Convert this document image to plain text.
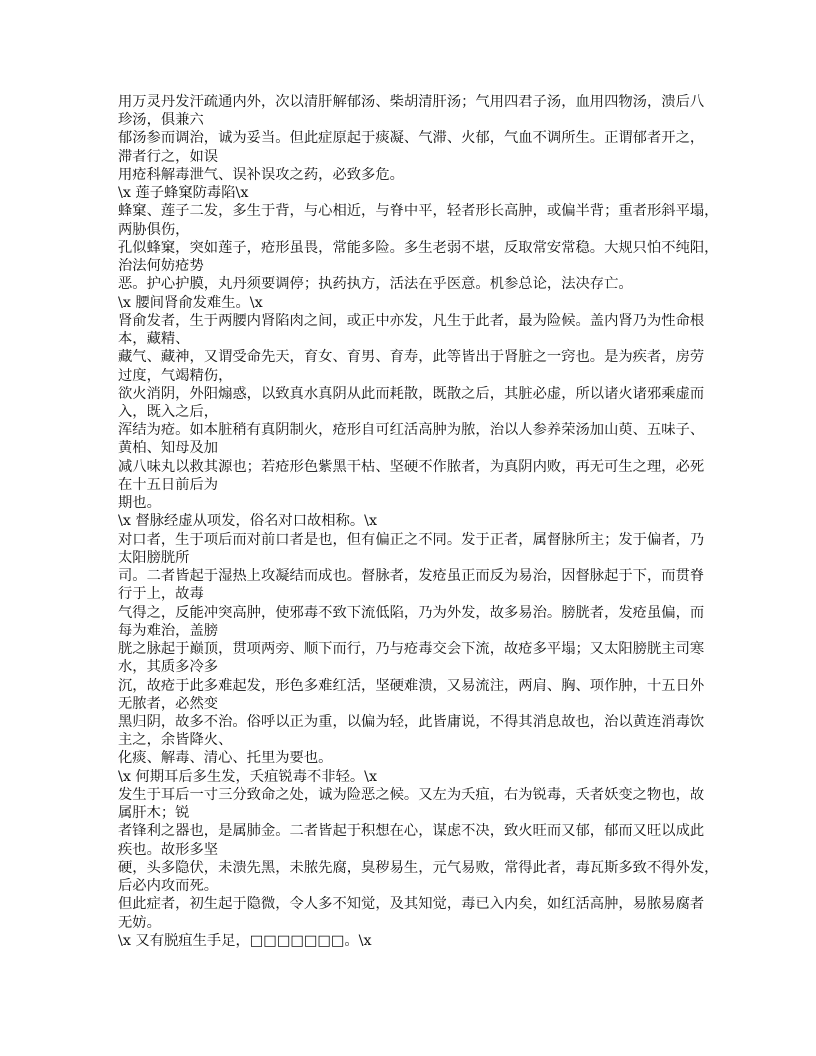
用万灵丹发汗疏通内外，次以清肝解郁汤、柴胡清肝汤；气用四君子汤，血用四物汤，溃后八
珍汤，俱兼六
郁汤参而调治，诚为妥当。但此症原起于痰凝、气滞、火郁，气血不调所生。正谓郁者开之，
滞者行之，如误
用疮科解毒泄气、误补误攻之药，必致多危。
\x 莲子蜂窠防毒陷\x
蜂窠、莲子二发，多生于背，与心相近，与脊中平，轻者形长高肿，或偏半背；重者形斜平塌，
两胁俱伤，
孔似蜂窠，突如莲子，疮形虽畏，常能多险。多生老弱不堪，反取常安常稳。大规只怕不纯阳，
治法何妨疮势
恶。护心护膜，丸丹须要调停；执药执方，活法在乎医意。机参总论，法决存亡。
\x 腰间肾俞发难生。\x
肾俞发者，生于两腰内肾陷肉之间，或正中亦发，凡生于此者，最为险候。盖内肾乃为性命根
本，藏精、
藏气、藏神，又谓受命先天，育女、育男、育寿，此等皆出于肾脏之一窍也。是为疾者，房劳
过度，气竭精伤，
欲火消阴，外阳煽惑，以致真水真阴从此而耗散，既散之后，其脏必虚，所以诸火诸邪乘虚而
入，既入之后，
浑结为疮。如本脏稍有真阴制火，疮形自可红活高肿为脓，治以人参养荣汤加山萸、五味子、
黄柏、知母及加
减八味丸以救其源也；若疮形色紫黑干枯、坚硬不作脓者，为真阴内败，再无可生之理，必死
在十五日前后为
期也。
\x 督脉经虚从项发，俗名对口故相称。\x
对口者，生于项后而对前口者是也，但有偏正之不同。发于正者，属督脉所主；发于偏者，乃
太阳膀胱所
司。二者皆起于湿热上攻凝结而成也。督脉者，发疮虽正而反为易治，因督脉起于下，而贯脊
行于上，故毒
气得之，反能冲突高肿，使邪毒不致下流低陷，乃为外发，故多易治。膀胱者，发疮虽偏，而
每为难治，盖膀
胱之脉起于巅顶，贯项两旁、顺下而行，乃与疮毒交会下流，故疮多平塌；又太阳膀胱主司寒
水，其质多冷多
沉，故疮于此多难起发，形色多难红活，坚硬难溃，又易流注，两肩、胸、项作肿，十五日外
无脓者，必然变
黑归阴，故多不治。俗呼以正为重，以偏为轻，此皆庸说，不得其消息故也，治以黄连消毒饮
主之，余皆降火、
化痰、解毒、清心、托里为要也。
\x 何期耳后多生发，夭疽锐毒不非轻。\x
发生于耳后一寸三分致命之处，诚为险恶之候。又左为夭疽，右为锐毒，夭者妖变之物也，故
属肝木；锐
者锋利之器也，是属肺金。二者皆起于积想在心，谋虑不决，致火旺而又郁，郁而又旺以成此
疾也。故形多坚
硬，头多隐伏，未溃先黑，未脓先腐，臭秽易生，元气易败，常得此者，毒瓦斯多致不得外发，
后必内攻而死。
但此症者，初生起于隐微，令人多不知觉，及其知觉，毒已入内矣，如红活高肿，易脓易腐者
无妨。
\x 又有脱疽生手足，□□□□□□□。\x
